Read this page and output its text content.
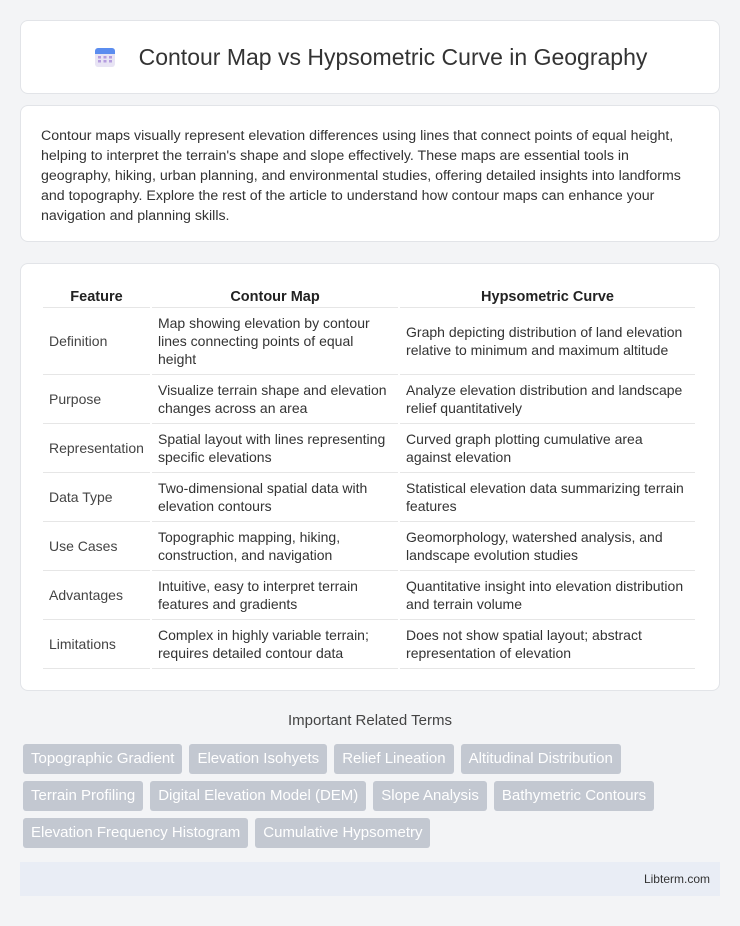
Contour Map vs Hypsometric Curve in Geography

Contour maps visually represent elevation differences using lines that connect points of equal height, helping to interpret the terrain's shape and slope effectively. These maps are essential tools in geography, hiking, urban planning, and environmental studies, offering detailed insights into landforms and topography. Explore the rest of the article to understand how contour maps can enhance your navigation and planning skills.

Feature	Contour Map	Hypsometric Curve
Definition	Map showing elevation by contour lines connecting points of equal height	Graph depicting distribution of land elevation relative to minimum and maximum altitude
Purpose	Visualize terrain shape and elevation changes across an area	Analyze elevation distribution and landscape relief quantitatively
Representation	Spatial layout with lines representing specific elevations	Curved graph plotting cumulative area against elevation
Data Type	Two-dimensional spatial data with elevation contours	Statistical elevation data summarizing terrain features
Use Cases	Topographic mapping, hiking, construction, and navigation	Geomorphology, watershed analysis, and landscape evolution studies
Advantages	Intuitive, easy to interpret terrain features and gradients	Quantitative insight into elevation distribution and terrain volume
Limitations	Complex in highly variable terrain; requires detailed contour data	Does not show spatial layout; abstract representation of elevation
Important Related Terms
Topographic Gradient	Elevation Isohyets	Relief Lineation	Altitudinal Distribution
Terrain Profiling	Digital Elevation Model (DEM)	Slope Analysis	Bathymetric Contours
Elevation Frequency Histogram	Cumulative Hypsometry
Libterm.com
